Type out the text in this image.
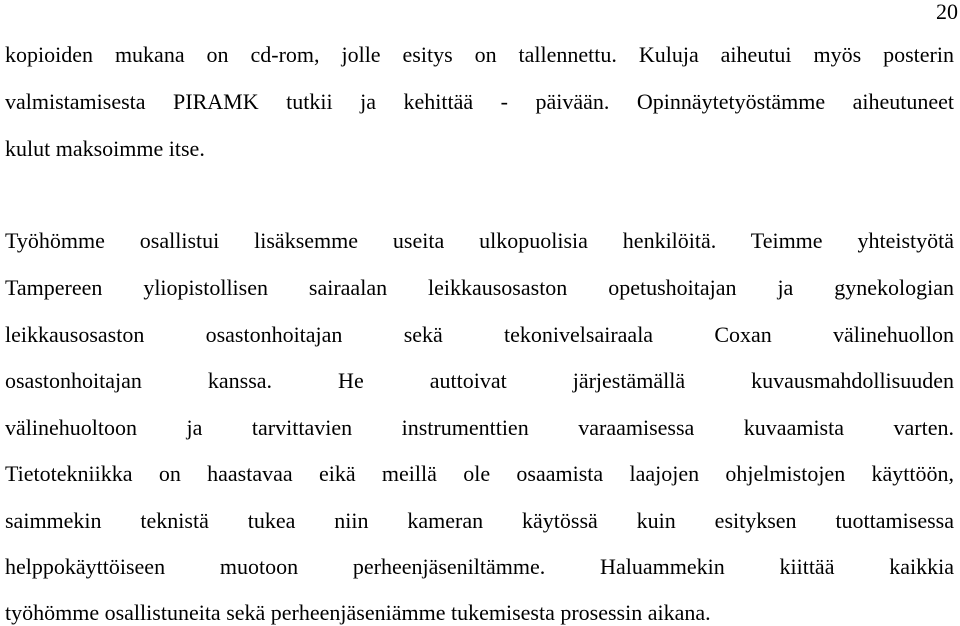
20
kopioiden mukana on cd-rom, jolle esitys on tallennettu. Kuluja aiheutui myös posterin
valmistamisesta PIRAMK tutkii ja kehittää - päivään. Opinnäytetyöstämme aiheutuneet
kulut maksoimme itse.
Työhömme osallistui lisäksemme useita ulkopuolisia henkilöitä. Teimme yhteistyötä
Tampereen yliopistollisen sairaalan leikkausosaston opetushoitajan ja gynekologian
leikkausosaston osastonhoitajan sekä tekonivelsairaala Coxan välinehuollon
osastonhoitajan kanssa. He auttoivat järjestämällä kuvausmahdollisuuden
välinehuoltoon ja tarvittavien instrumenttien varaamisessa kuvaamista varten.
Tietotekniikka on haastavaa eikä meillä ole osaamista laajojen ohjelmistojen käyttöön,
saimmekin teknistä tukea niin kameran käytössä kuin esityksen tuottamisessa
helppokäyttöiseen muotoon perheenjäseniltämme. Haluammekin kiittää kaikkia
työhömme osallistuneita sekä perheenjäseniämme tukemisesta prosessin aikana.
